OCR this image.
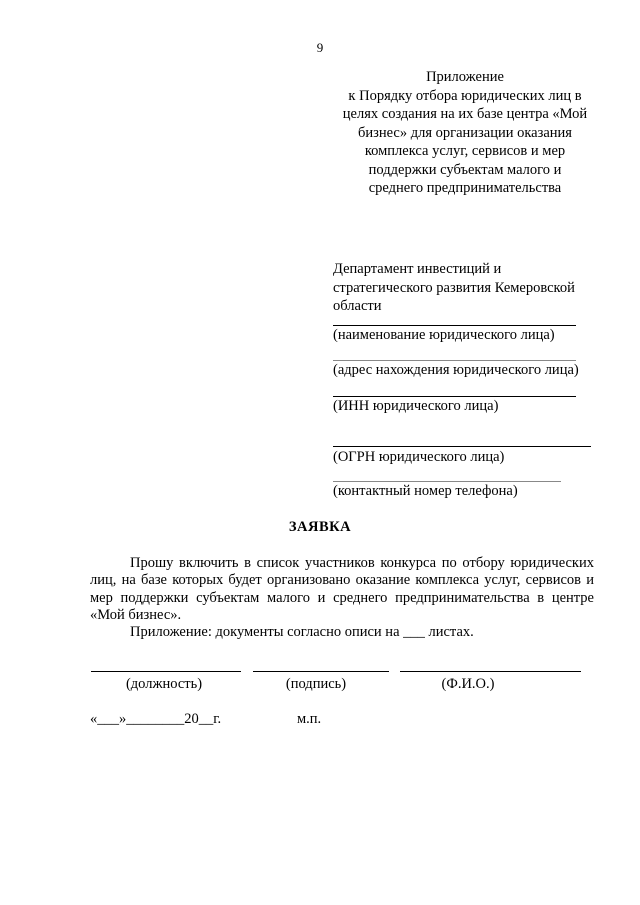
9
Приложение
к Порядку отбора юридических лиц в
целях создания на их базе центра «Мой
бизнес» для организации оказания
комплекса услуг, сервисов и мер
поддержки субъектам малого и
среднего предпринимательства
Департамент инвестиций и
стратегического развития Кемеровской
области
(наименование юридического лица)
(адрес нахождения юридического лица)
(ИНН юридического лица)
(ОГРН юридического лица)
(контактный номер телефона)
ЗАЯВКА
Прошу включить в список участников конкурса по отбору юридических лиц, на базе которых будет организовано оказание комплекса услуг, сервисов и мер поддержки субъектам малого и среднего предпринимательства в центре «Мой бизнес».
Приложение: документы согласно описи на ___ листах.
(должность)	(подпись)	(Ф.И.О.)
«___»________20__г.	м.п.
